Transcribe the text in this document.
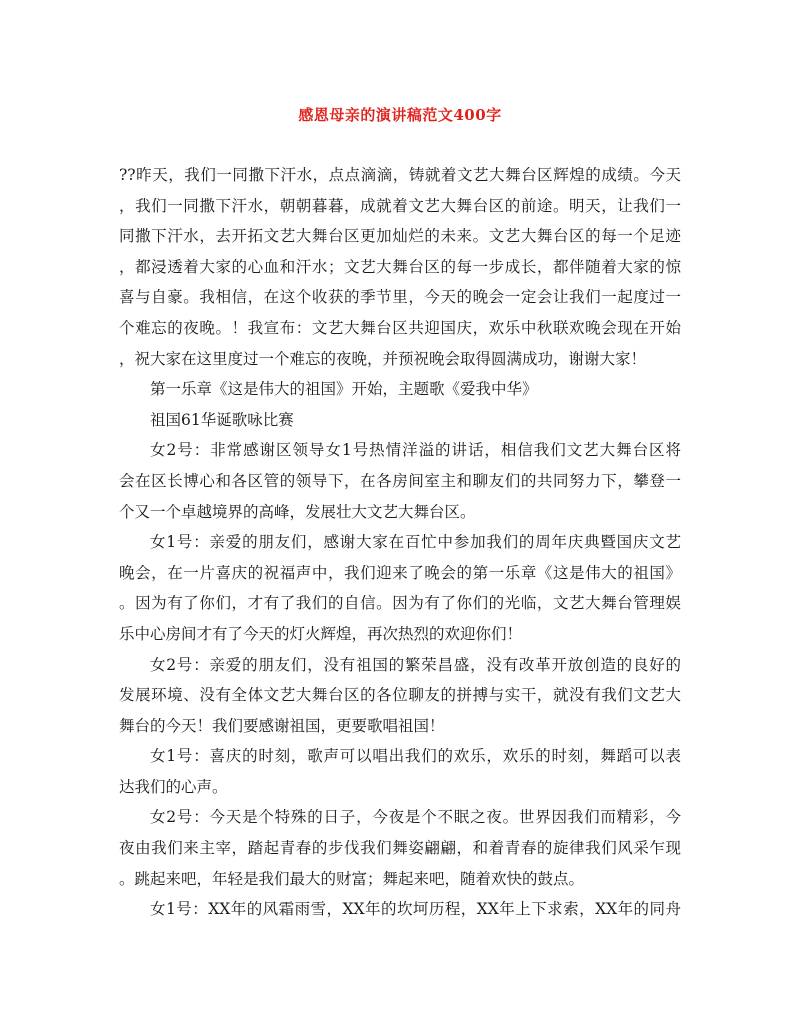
感恩母亲的演讲稿范文400字
??昨天，我们一同撒下汗水，点点滴滴，铸就着文艺大舞台区辉煌的成绩。今天
，我们一同撒下汗水，朝朝暮暮，成就着文艺大舞台区的前途。明天，让我们一
同撒下汗水，去开拓文艺大舞台区更加灿烂的未来。文艺大舞台区的每一个足迹
，都浸透着大家的心血和汗水；文艺大舞台区的每一步成长，都伴随着大家的惊
喜与自豪。我相信，在这个收获的季节里，今天的晚会一定会让我们一起度过一
个难忘的夜晚。！我宣布：文艺大舞台区共迎国庆，欢乐中秋联欢晚会现在开始
，祝大家在这里度过一个难忘的夜晚，并预祝晚会取得圆满成功，谢谢大家！
第一乐章《这是伟大的祖国》开始，主题歌《爱我中华》
祖国61华诞歌咏比赛
女2号：非常感谢区领导女1号热情洋溢的讲话，相信我们文艺大舞台区将
会在区长博心和各区管的领导下，在各房间室主和聊友们的共同努力下，攀登一
个又一个卓越境界的高峰，发展壮大文艺大舞台区。
女1号：亲爱的朋友们，感谢大家在百忙中参加我们的周年庆典暨国庆文艺
晚会，在一片喜庆的祝福声中，我们迎来了晚会的第一乐章《这是伟大的祖国》
。因为有了你们，才有了我们的自信。因为有了你们的光临，文艺大舞台管理娱
乐中心房间才有了今天的灯火辉煌，再次热烈的欢迎你们！
女2号：亲爱的朋友们，没有祖国的繁荣昌盛，没有改革开放创造的良好的
发展环境、没有全体文艺大舞台区的各位聊友的拼搏与实干，就没有我们文艺大
舞台的今天！我们要感谢祖国，更要歌唱祖国！
女1号：喜庆的时刻，歌声可以唱出我们的欢乐，欢乐的时刻，舞蹈可以表
达我们的心声。
女2号：今天是个特殊的日子，今夜是个不眠之夜。世界因我们而精彩，今
夜由我们来主宰，踏起青春的步伐我们舞姿翩翩，和着青春的旋律我们风采乍现
。跳起来吧，年轻是我们最大的财富；舞起来吧，随着欢快的鼓点。
女1号：XX年的风霜雨雪，XX年的坎坷历程，XX年上下求索，XX年的同舟
